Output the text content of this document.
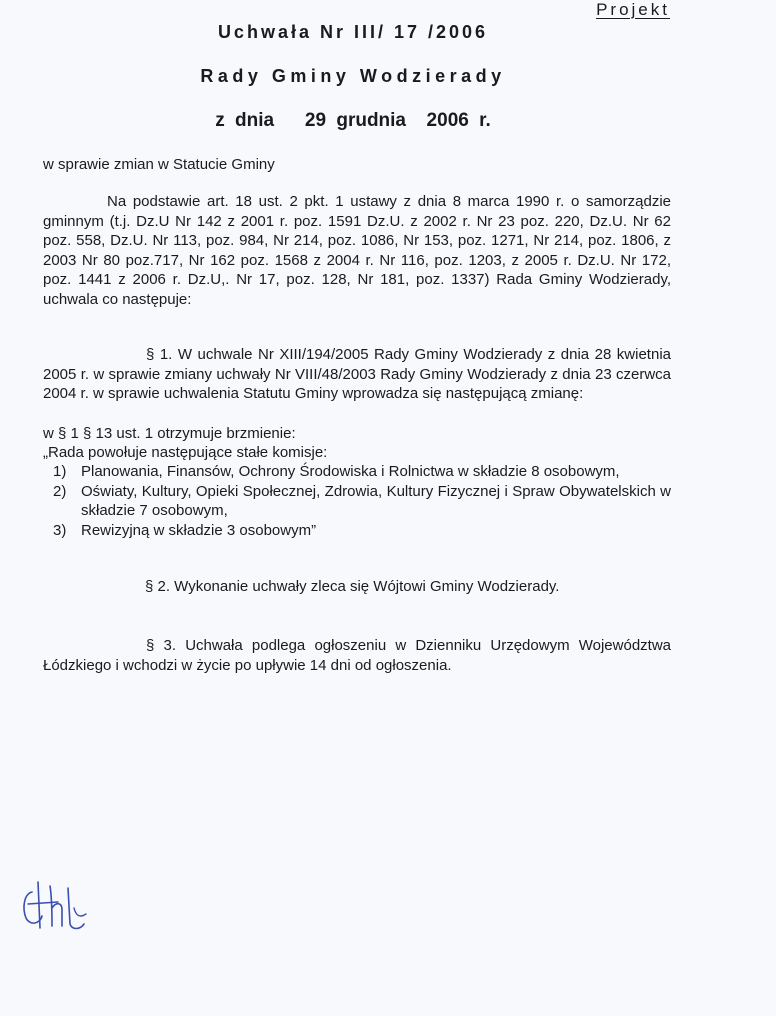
Projekt
Uchwała Nr III/ 17 /2006
Rady Gminy Wodzierady
z dnia   29 grudnia  2006 r.
w sprawie zmian w Statucie Gminy

Na podstawie art. 18 ust. 2 pkt. 1 ustawy z dnia 8 marca 1990 r. o samorządzie gminnym (t.j. Dz.U Nr 142 z 2001 r. poz. 1591 Dz.U. z 2002 r. Nr 23 poz. 220, Dz.U. Nr 62 poz. 558, Dz.U. Nr 113, poz. 984, Nr 214, poz. 1086, Nr 153, poz. 1271, Nr 214, poz. 1806, z 2003 Nr 80 poz.717, Nr 162 poz. 1568 z 2004 r. Nr 116, poz. 1203, z 2005 r. Dz.U. Nr 172, poz. 1441 z 2006 r. Dz.U,. Nr 17, poz. 128, Nr 181, poz. 1337) Rada Gminy Wodzierady, uchwala co następuje:

§ 1. W uchwale Nr XIII/194/2005 Rady Gminy Wodzierady z dnia 28 kwietnia 2005 r. w sprawie zmiany uchwały Nr VIII/48/2003 Rady Gminy Wodzierady z dnia 23 czerwca 2004 r. w sprawie uchwalenia Statutu Gminy wprowadza się następującą zmianę:

w § 1 § 13 ust. 1 otrzymuje brzmienie:
„Rada powołuje następujące stałe komisje:
1) Planowania, Finansów, Ochrony Środowiska i Rolnictwa w składzie 8 osobowym,
2) Oświaty, Kultury, Opieki Społecznej, Zdrowia, Kultury Fizycznej i Spraw Obywatelskich w składzie 7 osobowym,
3) Rewizyjną w składzie 3 osobowym”
§ 2. Wykonanie uchwały zleca się Wójtowi Gminy Wodzierady.

§ 3. Uchwała podlega ogłoszeniu w Dzienniku Urzędowym Województwa Łódzkiego i wchodzi w życie po upływie 14 dni od ogłoszenia.
